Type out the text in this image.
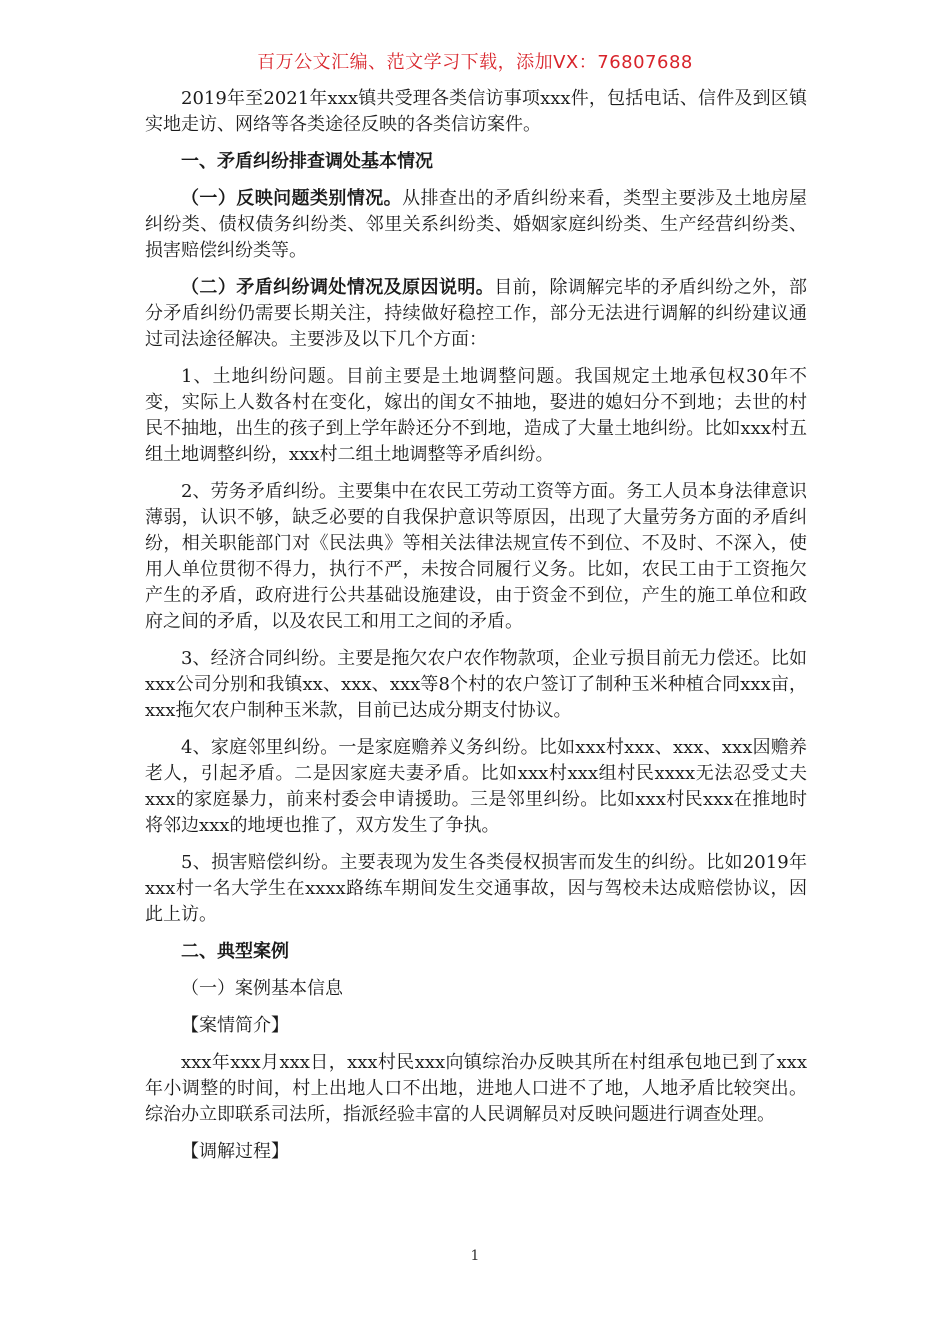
百万公文汇编、范文学习下载，添加VX：76807688

2019年至2021年xxx镇共受理各类信访事项xxx件，包括电话、信件及到区镇实地走访、网络等各类途径反映的各类信访案件。

一、矛盾纠纷排查调处基本情况

（一）反映问题类别情况。从排查出的矛盾纠纷来看，类型主要涉及土地房屋纠纷类、债权债务纠纷类、邻里关系纠纷类、婚姻家庭纠纷类、生产经营纠纷类、损害赔偿纠纷类等。

（二）矛盾纠纷调处情况及原因说明。目前，除调解完毕的矛盾纠纷之外，部分矛盾纠纷仍需要长期关注，持续做好稳控工作，部分无法进行调解的纠纷建议通过司法途径解决。主要涉及以下几个方面：

1、土地纠纷问题。目前主要是土地调整问题。我国规定土地承包权30年不变，实际上人数各村在变化，嫁出的闺女不抽地，娶进的媳妇分不到地；去世的村民不抽地，出生的孩子到上学年龄还分不到地，造成了大量土地纠纷。比如xxx村五组土地调整纠纷，xxx村二组土地调整等矛盾纠纷。

2、劳务矛盾纠纷。主要集中在农民工劳动工资等方面。务工人员本身法律意识薄弱，认识不够，缺乏必要的自我保护意识等原因，出现了大量劳务方面的矛盾纠纷，相关职能部门对《民法典》等相关法律法规宣传不到位、不及时、不深入，使用人单位贯彻不得力，执行不严，未按合同履行义务。比如，农民工由于工资拖欠产生的矛盾，政府进行公共基础设施建设，由于资金不到位，产生的施工单位和政府之间的矛盾，以及农民工和用工之间的矛盾。

3、经济合同纠纷。主要是拖欠农户农作物款项，企业亏损目前无力偿还。比如xxx公司分别和我镇xx、xxx、xxx等8个村的农户签订了制种玉米种植合同xxx亩，xxx拖欠农户制种玉米款，目前已达成分期支付协议。

4、家庭邻里纠纷。一是家庭赡养义务纠纷。比如xxx村xxx、xxx、xxx因赡养老人，引起矛盾。二是因家庭夫妻矛盾。比如xxx村xxx组村民xxxx无法忍受丈夫xxx的家庭暴力，前来村委会申请援助。三是邻里纠纷。比如xxx村民xxx在推地时将邻边xxx的地埂也推了，双方发生了争执。

5、损害赔偿纠纷。主要表现为发生各类侵权损害而发生的纠纷。比如2019年xxx村一名大学生在xxxx路练车期间发生交通事故，因与驾校未达成赔偿协议，因此上访。

二、典型案例

（一）案例基本信息

【案情简介】

xxx年xxx月xxx日，xxx村民xxx向镇综治办反映其所在村组承包地已到了xxx年小调整的时间，村上出地人口不出地，进地人口进不了地，人地矛盾比较突出。综治办立即联系司法所，指派经验丰富的人民调解员对反映问题进行调查处理。

【调解过程】

1
